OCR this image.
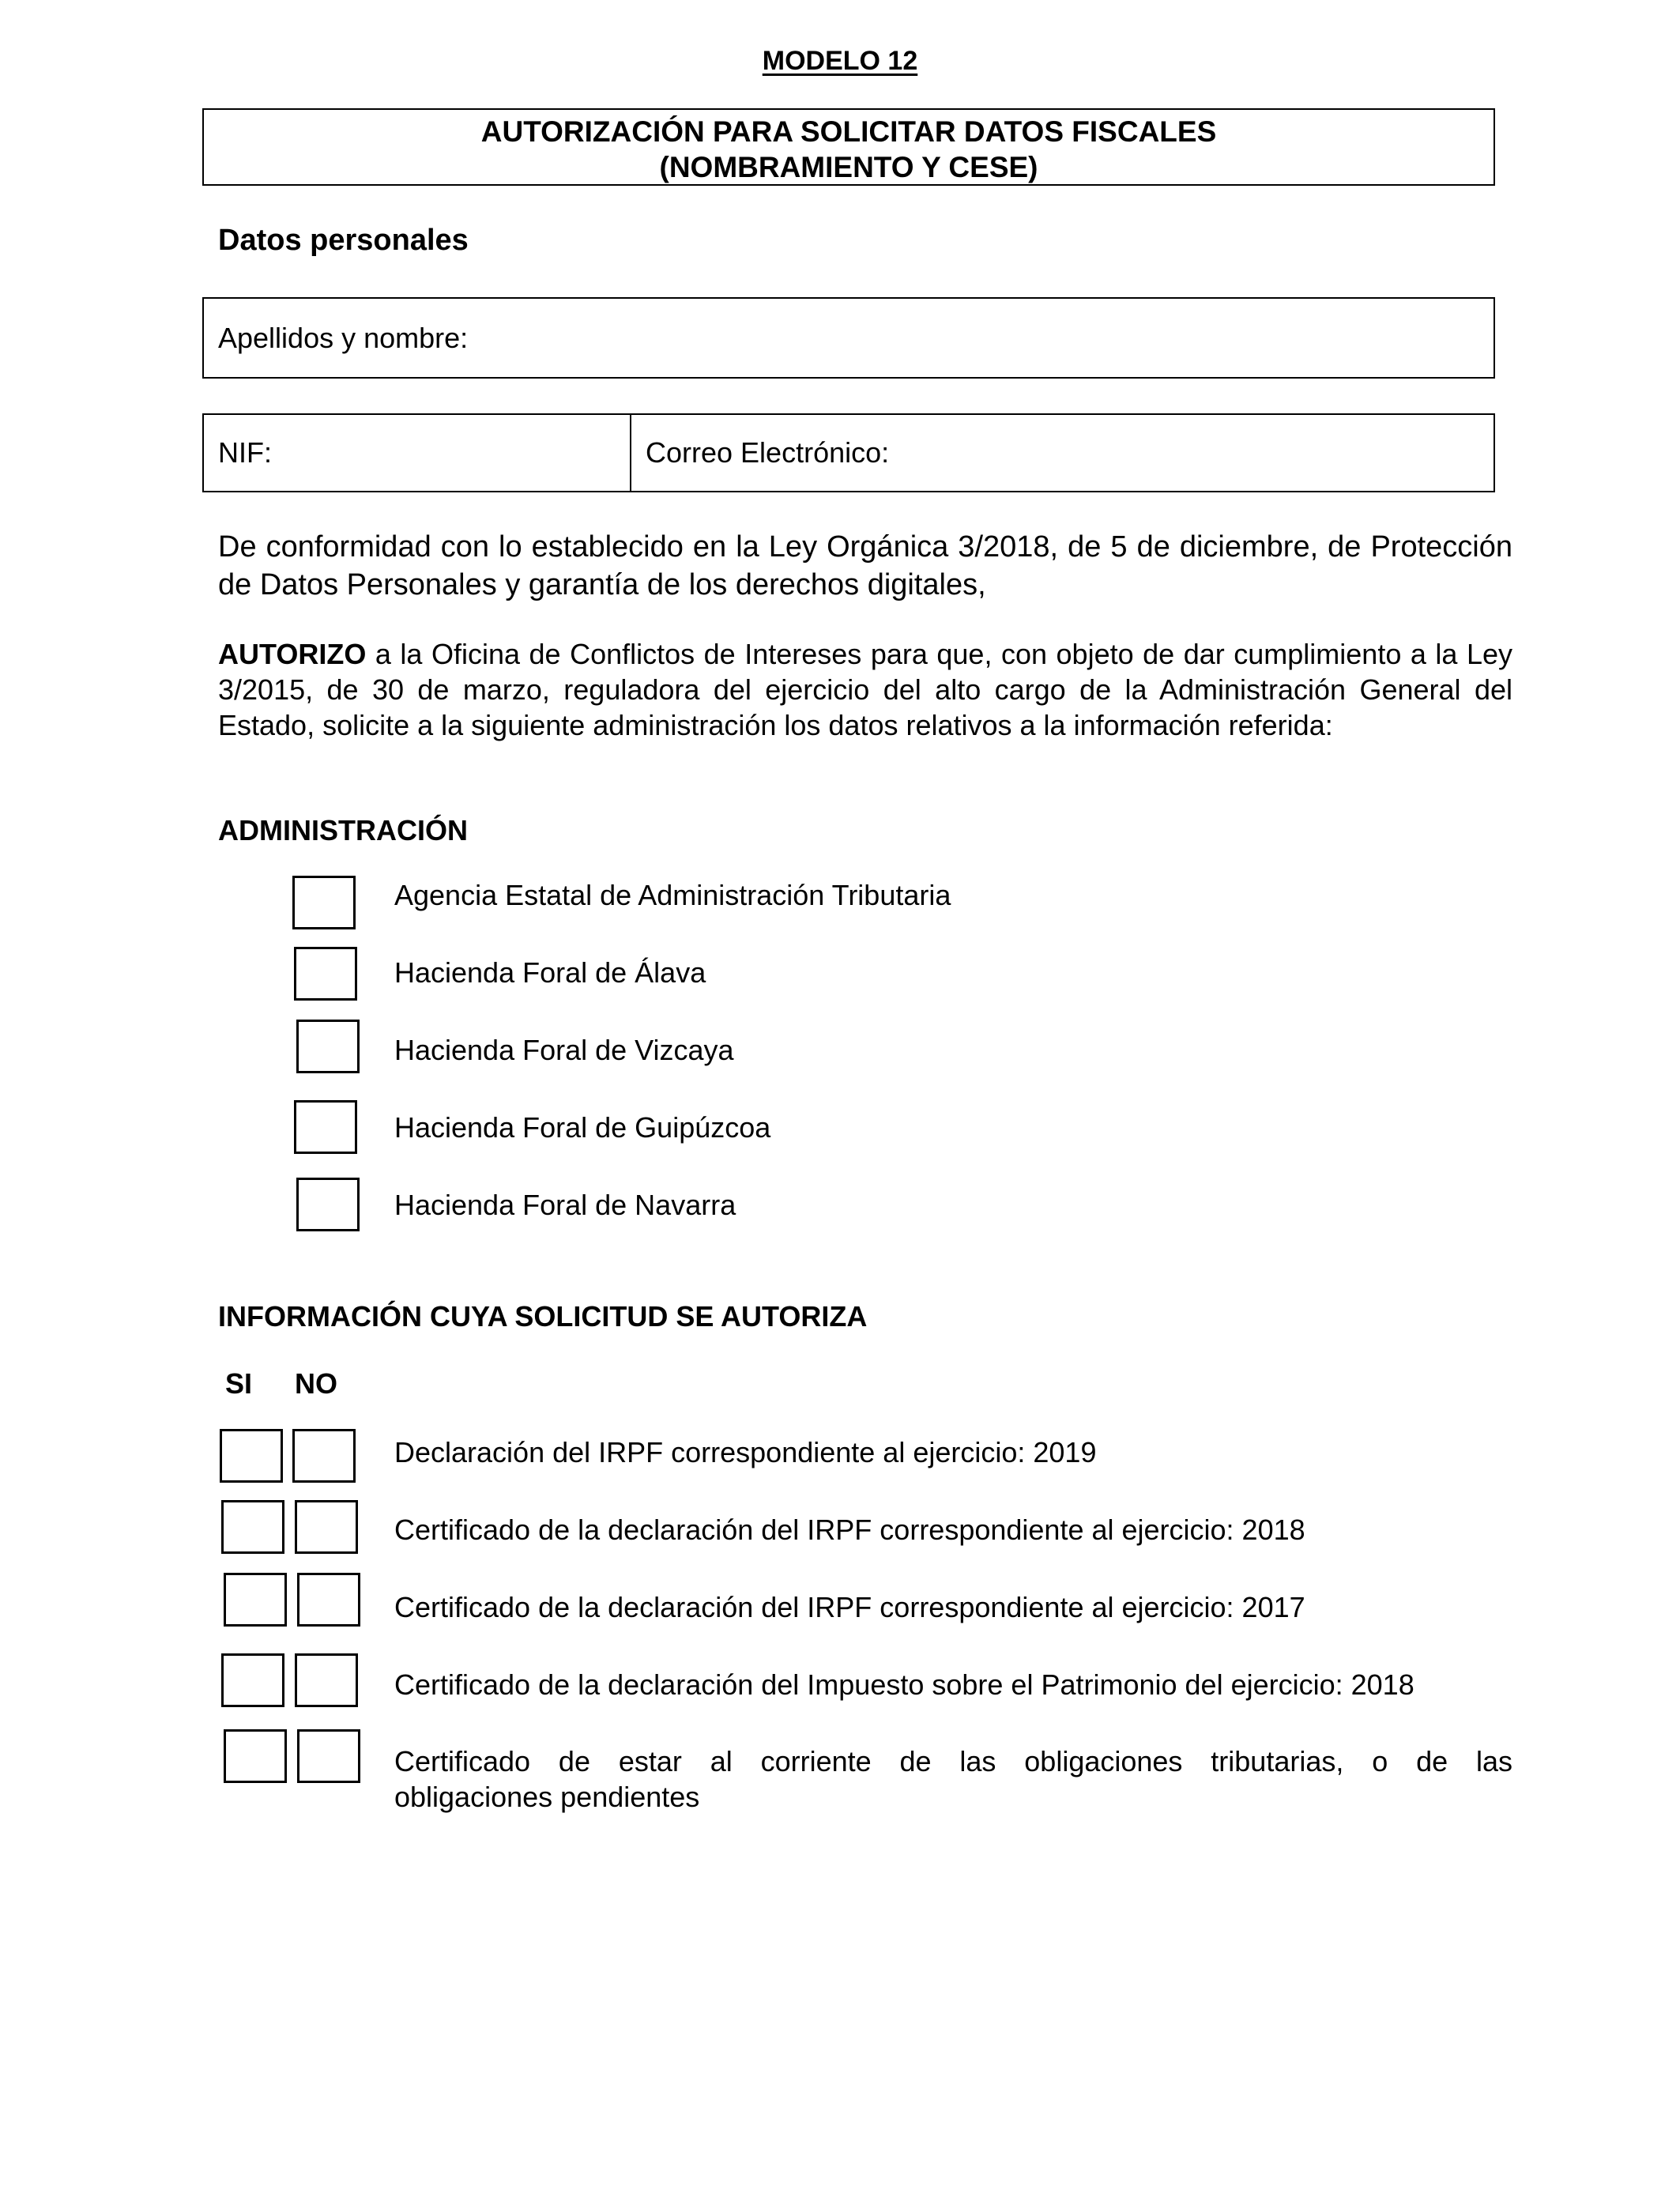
MODELO 12
AUTORIZACIÓN PARA SOLICITAR DATOS FISCALES
(NOMBRAMIENTO Y CESE)
Datos personales
Apellidos y nombre:
NIF:	Correo Electrónico:
De conformidad con lo establecido en la Ley Orgánica 3/2018, de 5 de diciembre, de Protección de Datos Personales y garantía de los derechos digitales,
AUTORIZO a la Oficina de Conflictos de Intereses para que, con objeto de dar cumplimiento a la Ley 3/2015, de 30 de marzo, reguladora del ejercicio del alto cargo de la Administración General del Estado, solicite a la siguiente administración los datos relativos a la información referida:
ADMINISTRACIÓN
Agencia Estatal de Administración Tributaria
Hacienda Foral de Álava
Hacienda Foral de Vizcaya
Hacienda Foral de Guipúzcoa
Hacienda Foral de Navarra
INFORMACIÓN CUYA SOLICITUD SE AUTORIZA
SI NO
Declaración del IRPF correspondiente al ejercicio: 2019
Certificado de la declaración del IRPF correspondiente al ejercicio: 2018
Certificado de la declaración del IRPF correspondiente al ejercicio: 2017
Certificado de la declaración del Impuesto sobre el Patrimonio del ejercicio: 2018
Certificado de estar al corriente de las obligaciones tributarias, o de las
obligaciones pendientes
